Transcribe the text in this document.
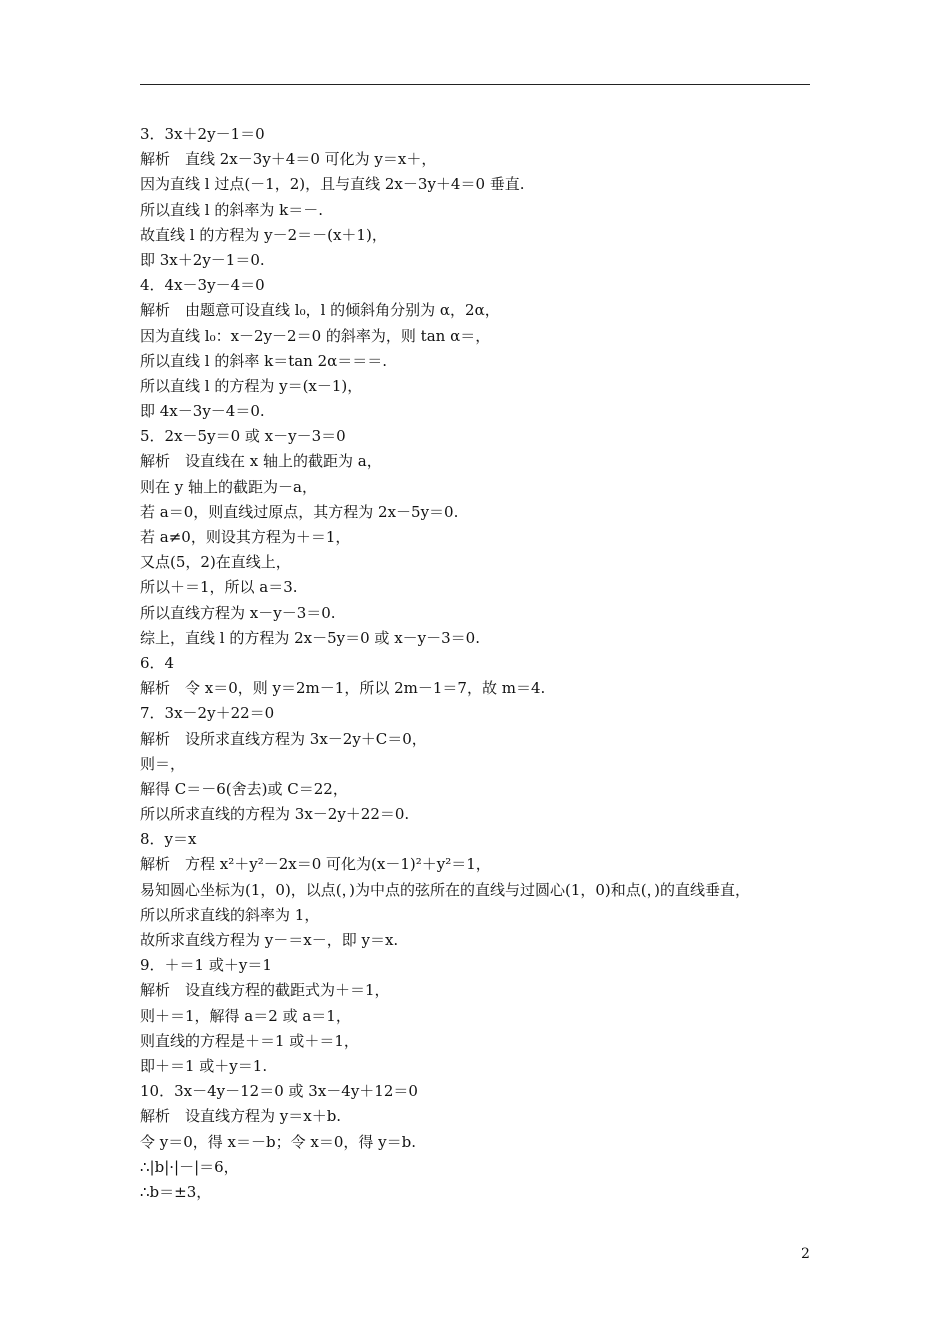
3．3x＋2y－1＝0
解析　直线 2x－3y＋4＝0 可化为 y＝x＋，
因为直线 l 过点(－1，2)，且与直线 2x－3y＋4＝0 垂直.
所以直线 l 的斜率为 k＝－.
故直线 l 的方程为 y－2＝－(x＋1)，
即 3x＋2y－1＝0.
4．4x－3y－4＝0
解析　由题意可设直线 l₀，l 的倾斜角分别为 α，2α，
因为直线 l₀：x－2y－2＝0 的斜率为，则 tan α＝，
所以直线 l 的斜率 k＝tan 2α＝＝＝.
所以直线 l 的方程为 y＝(x－1)，
即 4x－3y－4＝0.
5．2x－5y＝0 或 x－y－3＝0
解析　设直线在 x 轴上的截距为 a，
则在 y 轴上的截距为－a，
若 a＝0，则直线过原点，其方程为 2x－5y＝0.
若 a≠0，则设其方程为＋＝1，
又点(5，2)在直线上，
所以＋＝1，所以 a＝3.
所以直线方程为 x－y－3＝0.
综上，直线 l 的方程为 2x－5y＝0 或 x－y－3＝0.
6．4
解析　令 x＝0，则 y＝2m－1，所以 2m－1＝7，故 m＝4.
7．3x－2y＋22＝0
解析　设所求直线方程为 3x－2y＋C＝0，
则＝，
解得 C＝－6(舍去)或 C＝22，
所以所求直线的方程为 3x－2y＋22＝0.
8．y＝x
解析　方程 x²＋y²－2x＝0 可化为(x－1)²＋y²＝1，
易知圆心坐标为(1，0)，以点(，)为中点的弦所在的直线与过圆心(1，0)和点(，)的直线垂直，
所以所求直线的斜率为 1，
故所求直线方程为 y－＝x－，即 y＝x.
9．＋＝1 或＋y＝1
解析　设直线方程的截距式为＋＝1，
则＋＝1，解得 a＝2 或 a＝1，
则直线的方程是＋＝1 或＋＝1，
即＋＝1 或＋y＝1.
10．3x－4y－12＝0 或 3x－4y＋12＝0
解析　设直线方程为 y＝x＋b.
令 y＝0，得 x＝－b；令 x＝0，得 y＝b.
∴|b|·|－|＝6，
∴b＝±3，
2
